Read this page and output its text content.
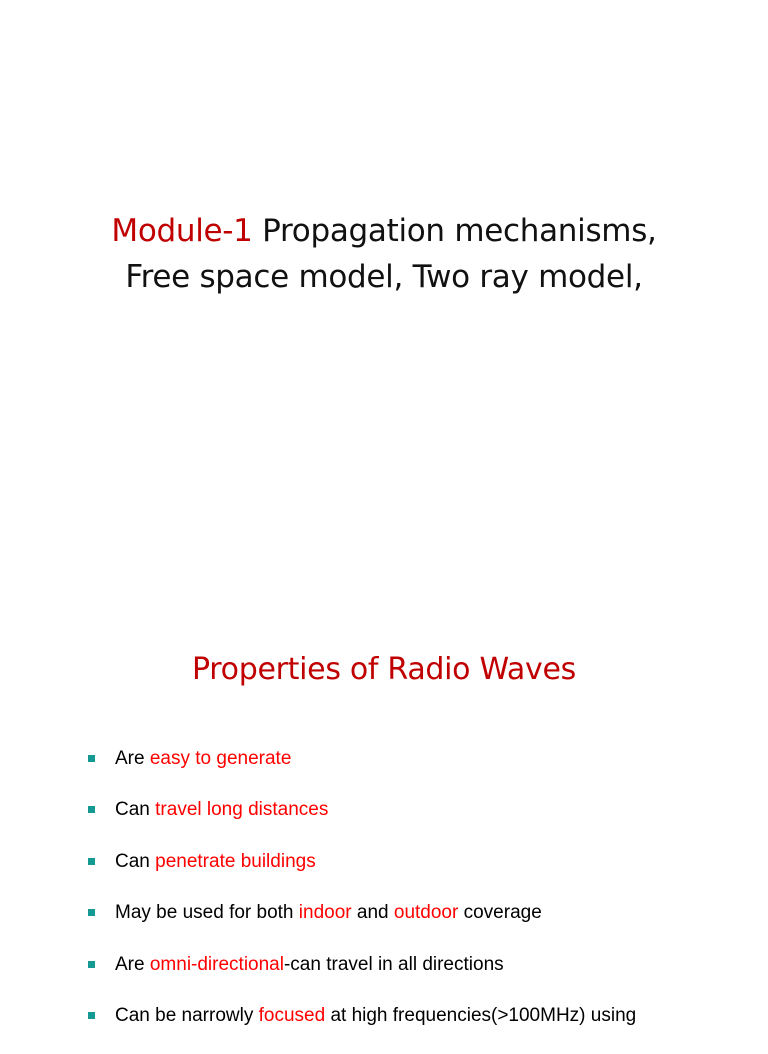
Module-1 Propagation mechanisms,
Free space model, Two ray model,
Properties of Radio Waves
Are easy to generate
Can travel long distances
Can penetrate buildings
May be used for both indoor and outdoor coverage
Are omni-directional-can travel in all directions
Can be narrowly focused at high frequencies(>100MHz) using
